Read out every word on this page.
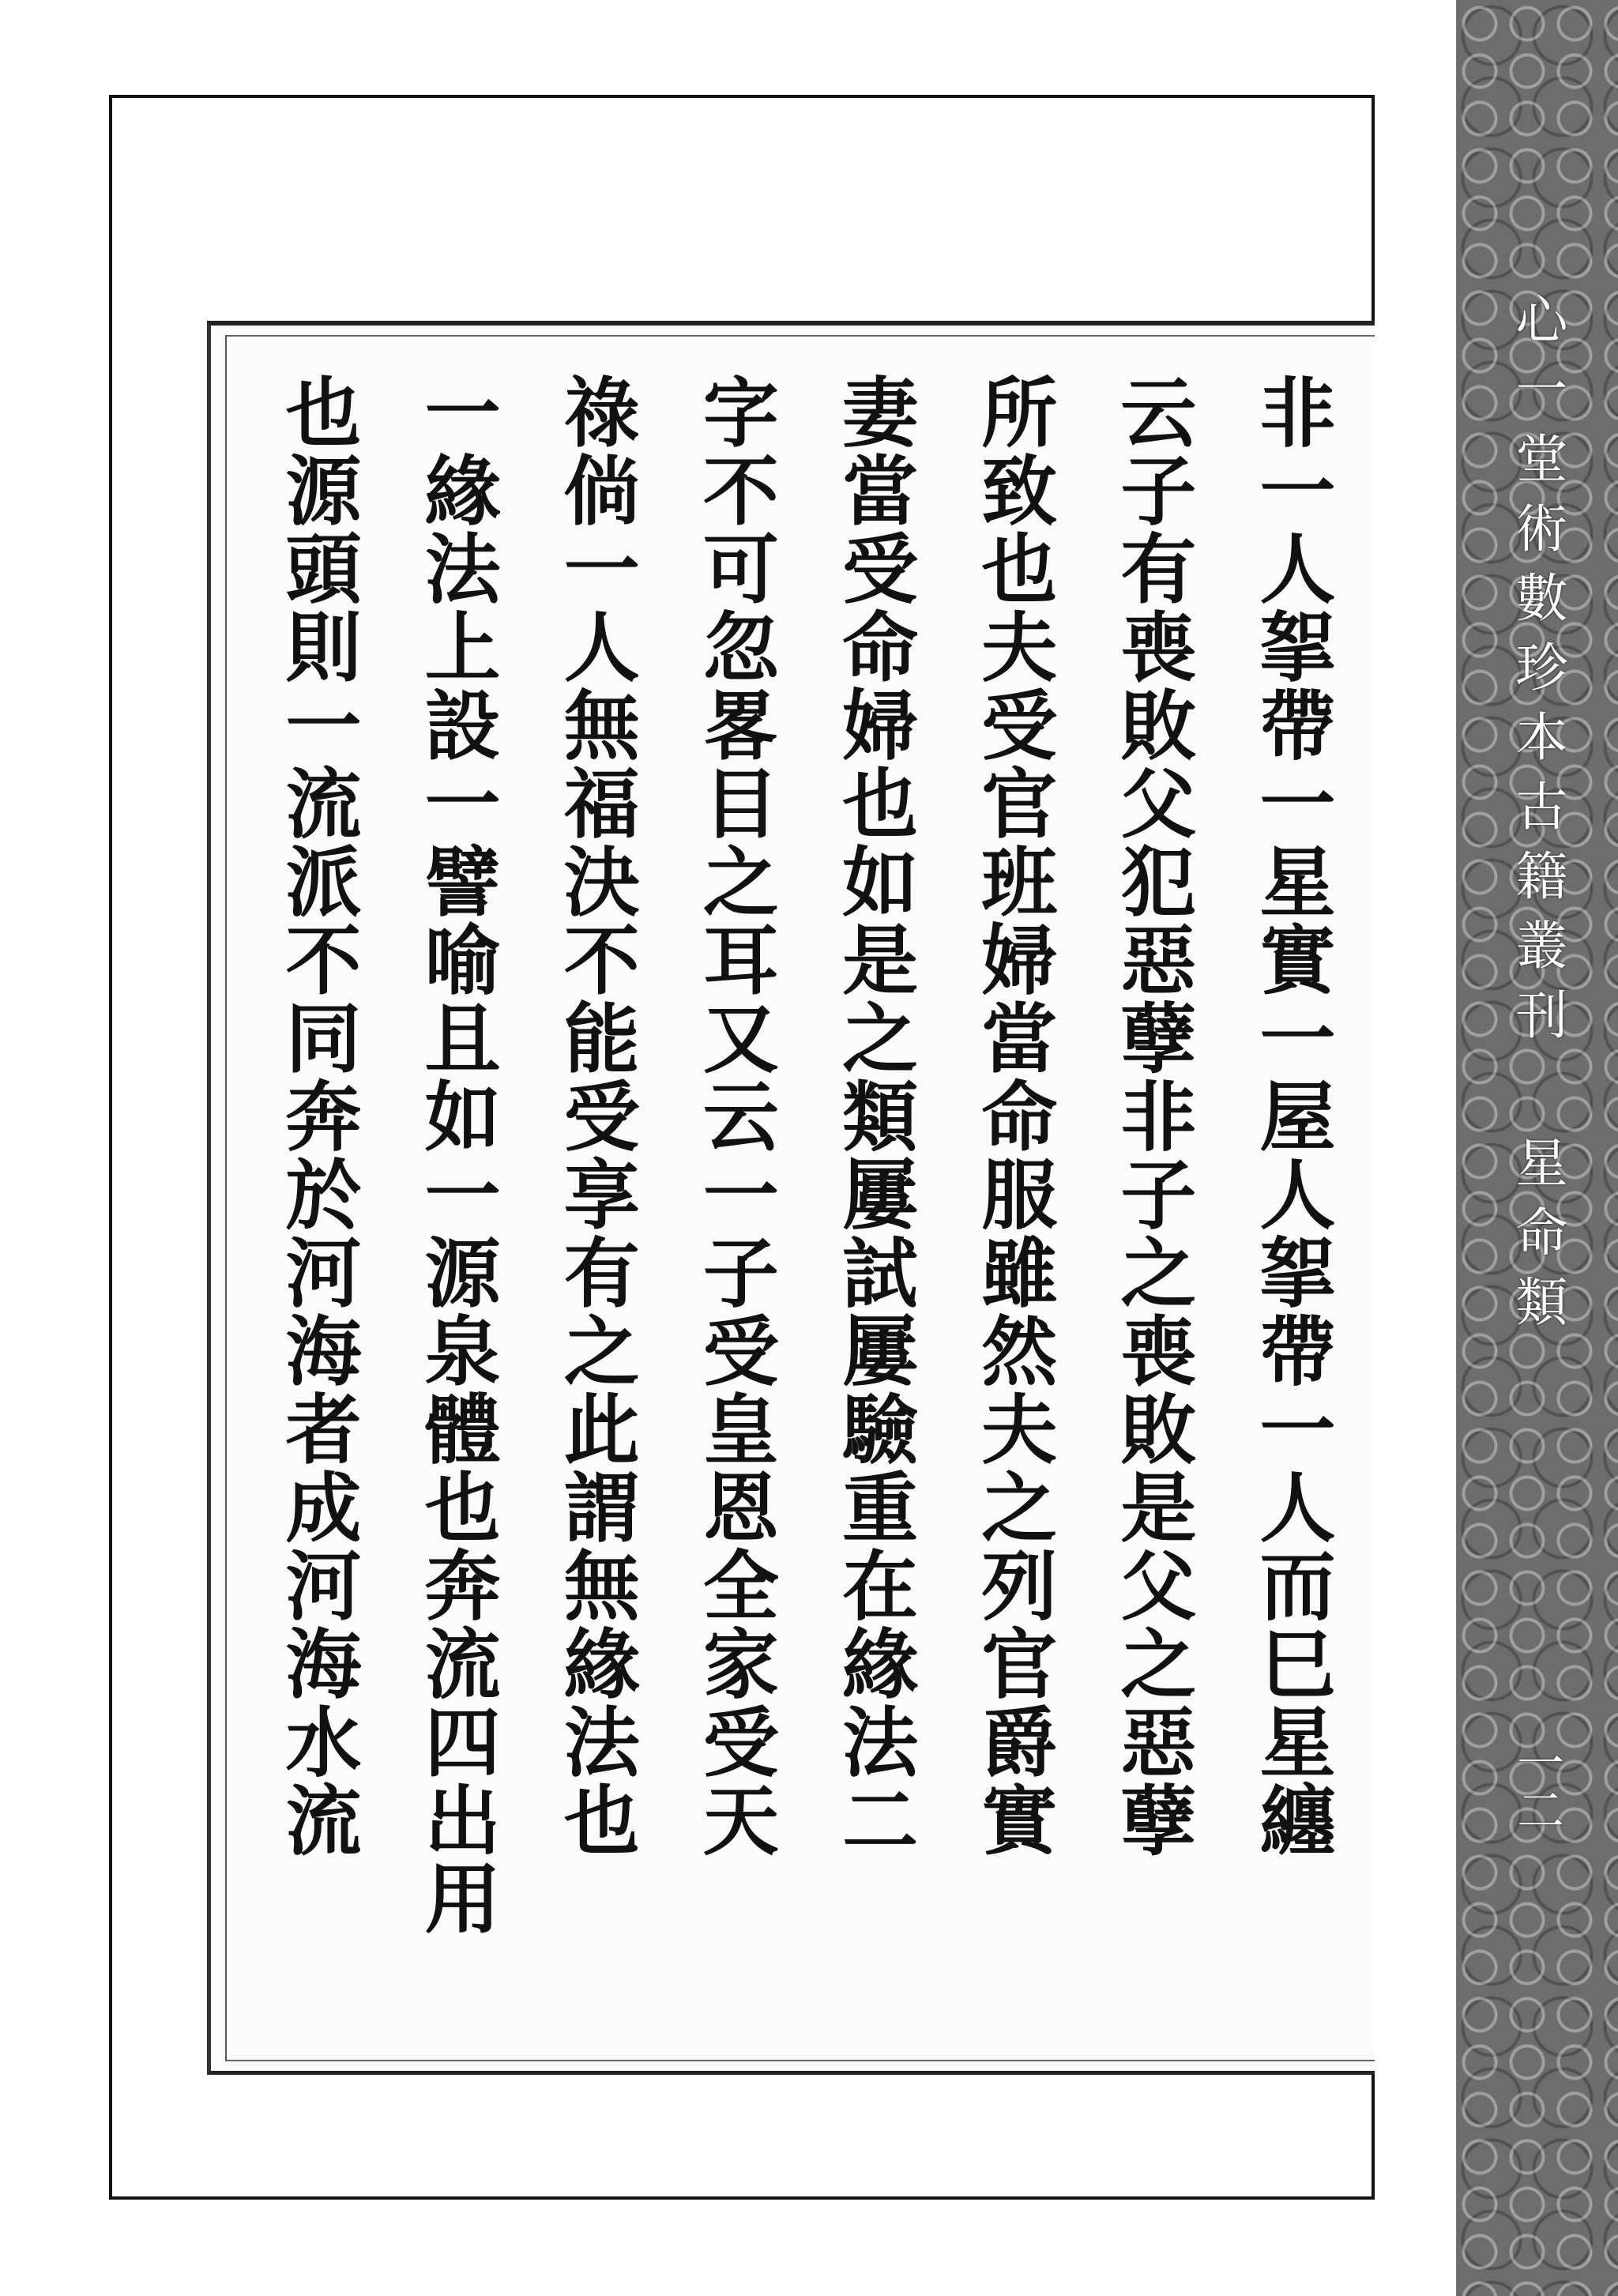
非一人挐帶一星實一屋人挐帶一人而巳星纏
云子有喪敗父犯惡孽非子之喪敗是父之惡孽
所致也夫受官班婦當命服雖然夫之列官爵實
妻當受命婦也如是之類屢試屢驗重在緣法二
字不可忽畧目之耳又云一子受皇恩全家受天
祿倘一人無福決不能受享有之此謂無緣法也
一緣法上設一譬喻且如一源泉體也奔流四出用
也源頭則一流派不同奔於河海者成河海水流	心一堂術數珍本古籍叢刊 星命類
一二
